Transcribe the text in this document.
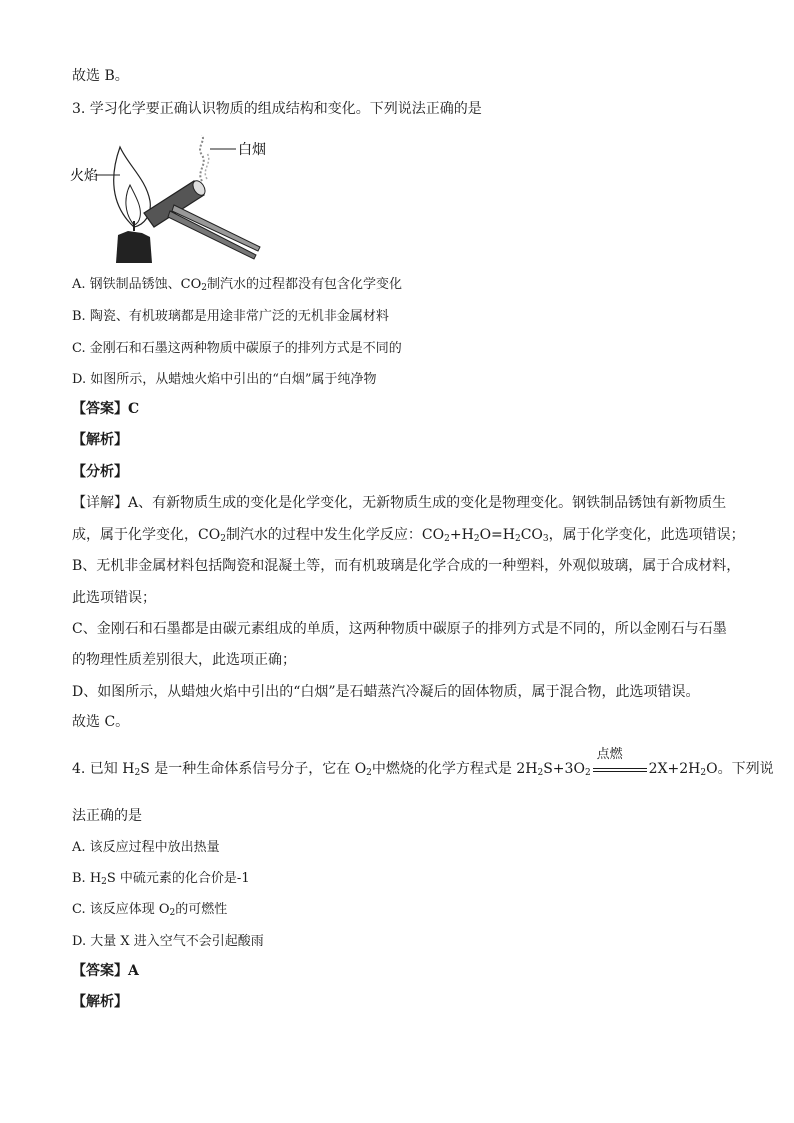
故选 B。
3. 学习化学要正确认识物质的组成结构和变化。下列说法正确的是
白烟
火焰
A. 钢铁制品锈蚀、$CO_2$制汽水的过程都没有包含化学变化
B. 陶瓷、有机玻璃都是用途非常广泛的无机非金属材料
C. 金刚石和石墨这两种物质中碳原子的排列方式是不同的
D. 如图所示，从蜡烛火焰中引出的“白烟”属于纯净物
【答案】C
【解析】
【分析】
【详解】A、有新物质生成的变化是化学变化，无新物质生成的变化是物理变化。钢铁制品锈蚀有新物质生
成，属于化学变化，$CO_2$制汽水的过程中发生化学反应：$CO_2+H_2O=H_2CO_3$，属于化学变化，此选项错误；
B、无机非金属材料包括陶瓷和混凝土等，而有机玻璃是化学合成的一种塑料，外观似玻璃，属于合成材料，
此选项错误；
C、金刚石和石墨都是由碳元素组成的单质，这两种物质中碳原子的排列方式是不同的，所以金刚石与石墨
的物理性质差别很大，此选项正确；
D、如图所示，从蜡烛火焰中引出的“白烟”是石蜡蒸汽冷凝后的固体物质，属于混合物，此选项错误。
故选 C。
4. 已知 $H_2S$ 是一种生命体系信号分子，它在 $O_2$中燃烧的化学方程式是 $2H_2S+3O_2$
点燃
$2X+2H_2O$。下列说
法正确的是
A. 该反应过程中放出热量
B. $H_2S$ 中硫元素的化合价是-1
C. 该反应体现 $O_2$的可燃性
D. 大量 X 进入空气不会引起酸雨
【答案】A
【解析】
